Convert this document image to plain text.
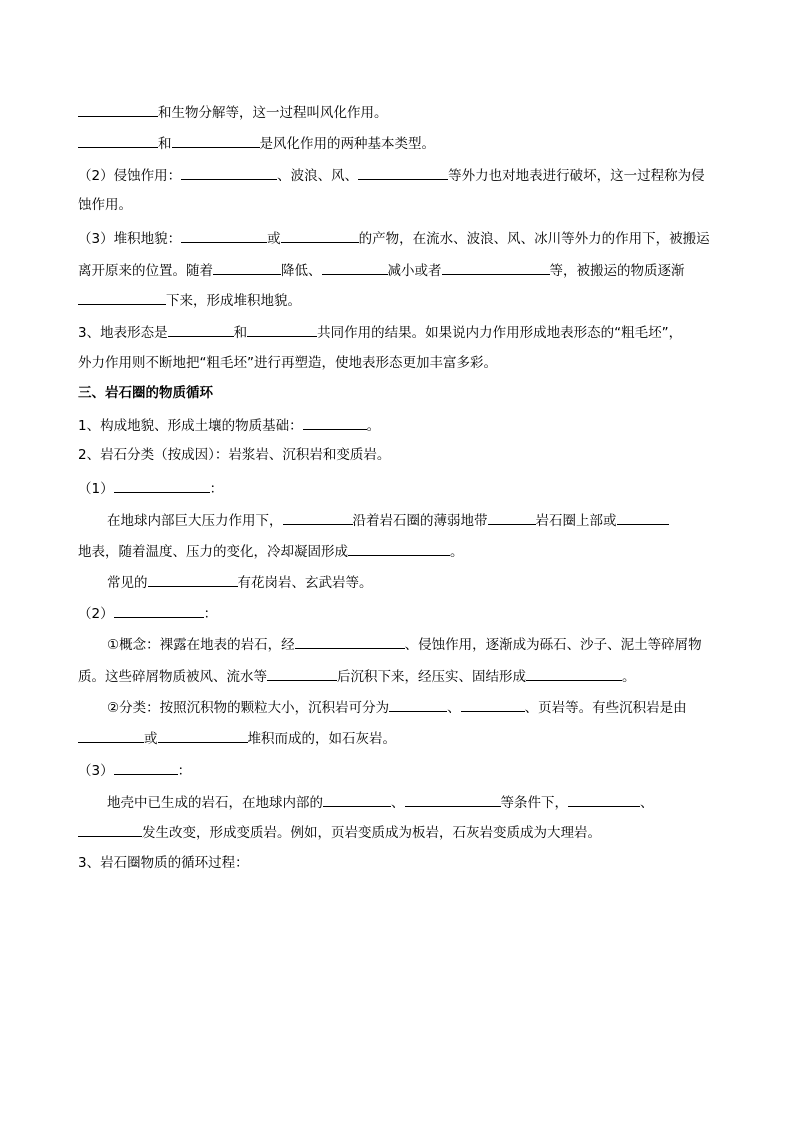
和生物分解等，这一过程叫风化作用。
和	是风化作用的两种基本类型。
（2）侵蚀作用：	、波浪、风、	等外力也对地表进行破坏，这一过程称为侵
蚀作用。
（3）堆积地貌：	或	的产物，在流水、波浪、风、冰川等外力的作用下，被搬运
离开原来的位置。随着	降低、	减小或者	等，被搬运的物质逐渐
下来，形成堆积地貌。
3、地表形态是	和	共同作用的结果。如果说内力作用形成地表形态的“粗毛坯”，
外力作用则不断地把“粗毛坯”进行再塑造，使地表形态更加丰富多彩。
三、岩石圈的物质循环
1、构成地貌、形成土壤的物质基础：	。
2、岩石分类（按成因）：岩浆岩、沉积岩和变质岩。
（1）	：
在地球内部巨大压力作用下，	沿着岩石圈的薄弱地带	岩石圈上部或
地表，随着温度、压力的变化，冷却凝固形成	。
常见的	有花岗岩、玄武岩等。
（2）	：
①概念：裸露在地表的岩石，经	、侵蚀作用，逐渐成为砾石、沙子、泥土等碎屑物
质。这些碎屑物质被风、流水等	后沉积下来，经压实、固结形成	。
②分类：按照沉积物的颗粒大小，沉积岩可分为	、	、页岩等。有些沉积岩是由
或	堆积而成的，如石灰岩。
（3）	：
地壳中已生成的岩石，在地球内部的	、	等条件下，	、
发生改变，形成变质岩。例如，页岩变质成为板岩，石灰岩变质成为大理岩。
3、岩石圈物质的循环过程：
